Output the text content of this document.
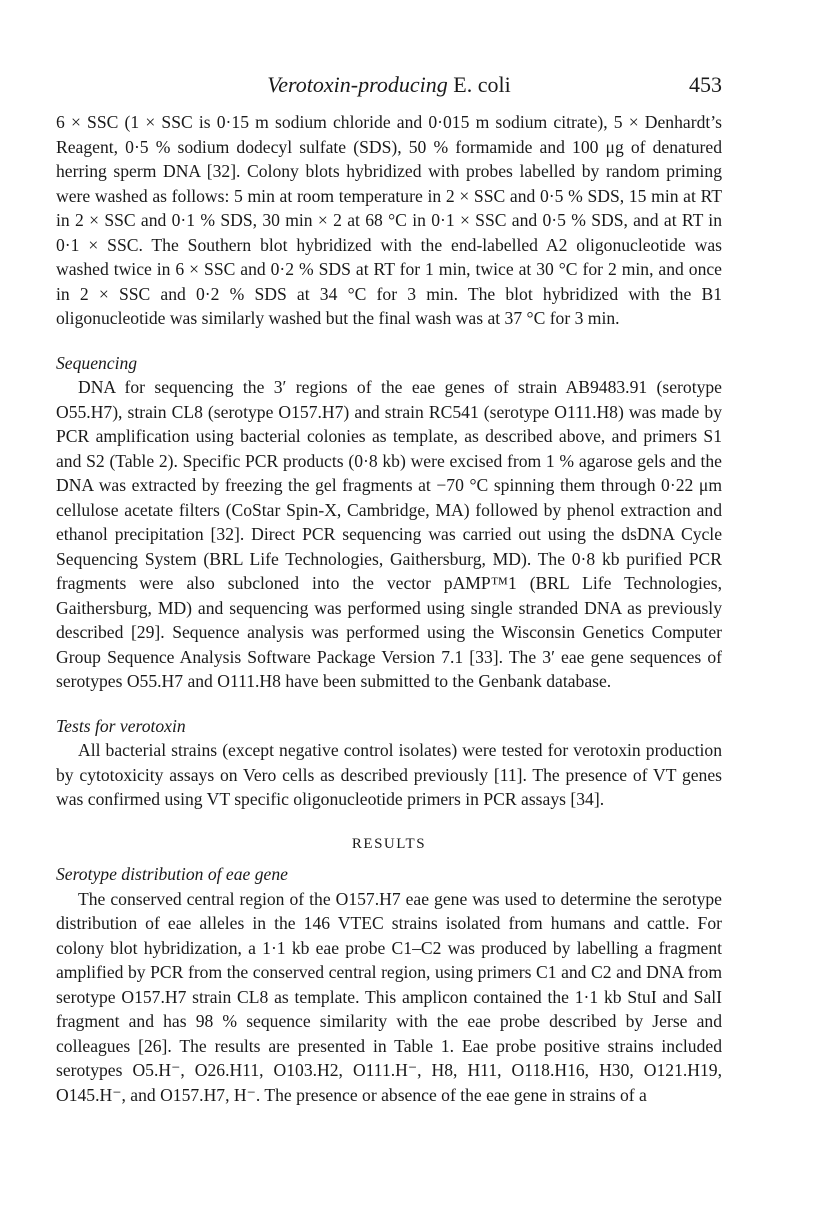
Verotoxin-producing E. coli	453

6 × SSC (1 × SSC is 0·15 m sodium chloride and 0·015 m sodium citrate), 5 × Denhardt’s Reagent, 0·5 % sodium dodecyl sulfate (SDS), 50 % formamide and 100 μg of denatured herring sperm DNA [32]. Colony blots hybridized with probes labelled by random priming were washed as follows: 5 min at room temperature in 2 × SSC and 0·5 % SDS, 15 min at RT in 2 × SSC and 0·1 % SDS, 30 min × 2 at 68 °C in 0·1 × SSC and 0·5 % SDS, and at RT in 0·1 × SSC. The Southern blot hybridized with the end-labelled A2 oligonucleotide was washed twice in 6 × SSC and 0·2 % SDS at RT for 1 min, twice at 30 °C for 2 min, and once in 2 × SSC and 0·2 % SDS at 34 °C for 3 min. The blot hybridized with the B1 oligonucleotide was similarly washed but the final wash was at 37 °C for 3 min.

Sequencing

DNA for sequencing the 3′ regions of the eae genes of strain AB9483.91 (serotype O55.H7), strain CL8 (serotype O157.H7) and strain RC541 (serotype O111.H8) was made by PCR amplification using bacterial colonies as template, as described above, and primers S1 and S2 (Table 2). Specific PCR products (0·8 kb) were excised from 1 % agarose gels and the DNA was extracted by freezing the gel fragments at −70 °C spinning them through 0·22 μm cellulose acetate filters (CoStar Spin-X, Cambridge, MA) followed by phenol extraction and ethanol precipitation [32]. Direct PCR sequencing was carried out using the dsDNA Cycle Sequencing System (BRL Life Technologies, Gaithersburg, MD). The 0·8 kb purified PCR fragments were also subcloned into the vector pAMP™1 (BRL Life Technologies, Gaithersburg, MD) and sequencing was performed using single stranded DNA as previously described [29]. Sequence analysis was performed using the Wisconsin Genetics Computer Group Sequence Analysis Software Package Version 7.1 [33]. The 3′ eae gene sequences of serotypes O55.H7 and O111.H8 have been submitted to the Genbank database.

Tests for verotoxin

All bacterial strains (except negative control isolates) were tested for verotoxin production by cytotoxicity assays on Vero cells as described previously [11]. The presence of VT genes was confirmed using VT specific oligonucleotide primers in PCR assays [34].

RESULTS
Serotype distribution of eae gene

The conserved central region of the O157.H7 eae gene was used to determine the serotype distribution of eae alleles in the 146 VTEC strains isolated from humans and cattle. For colony blot hybridization, a 1·1 kb eae probe C1–C2 was produced by labelling a fragment amplified by PCR from the conserved central region, using primers C1 and C2 and DNA from serotype O157.H7 strain CL8 as template. This amplicon contained the 1·1 kb StuI and SalI fragment and has 98 % sequence similarity with the eae probe described by Jerse and colleagues [26]. The results are presented in Table 1. Eae probe positive strains included serotypes O5.H⁻, O26.H11, O103.H2, O111.H⁻, H8, H11, O118.H16, H30, O121.H19, O145.H⁻, and O157.H7, H⁻. The presence or absence of the eae gene in strains of a
